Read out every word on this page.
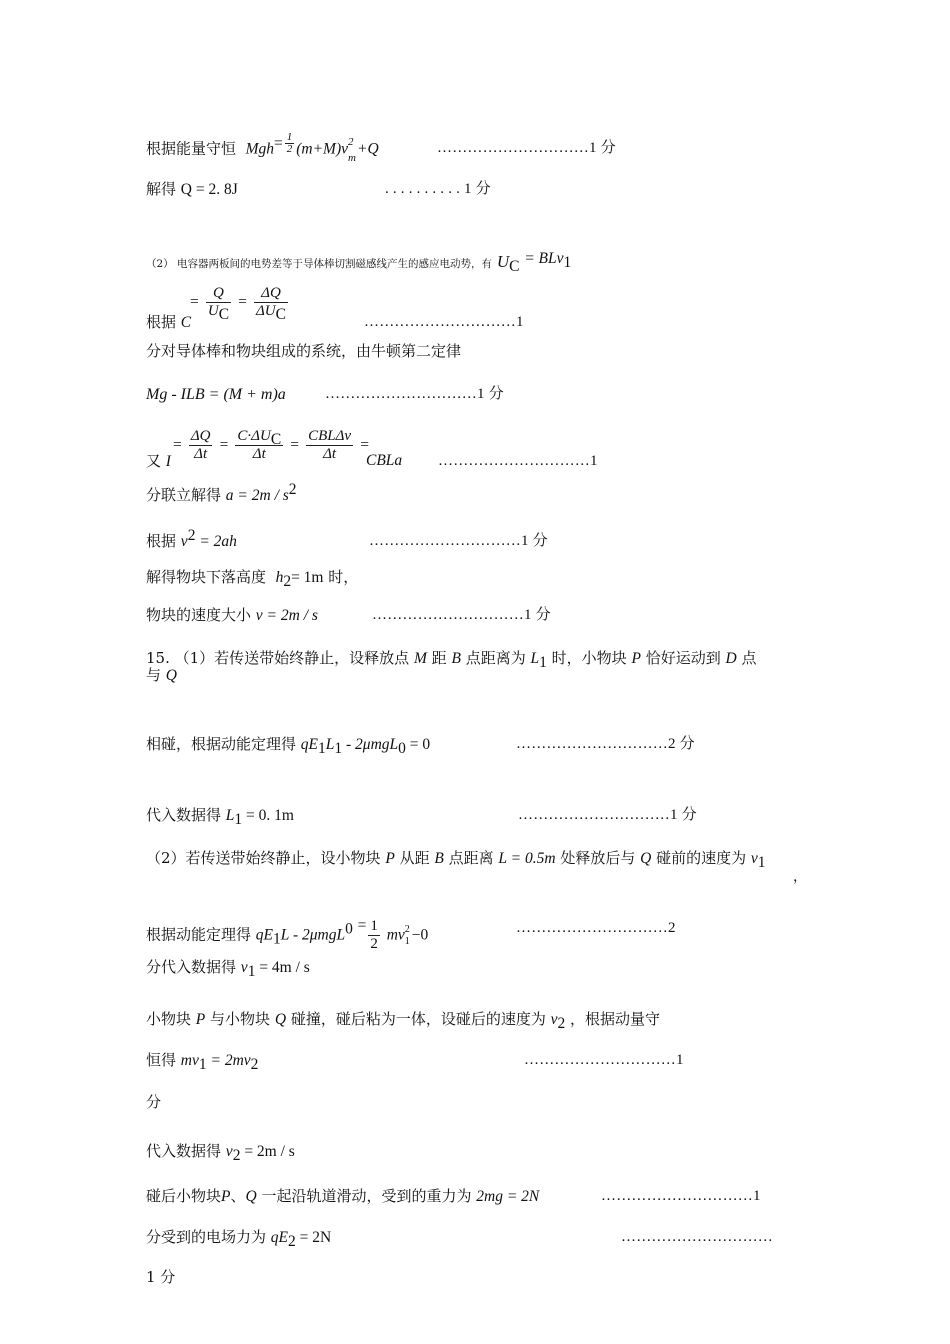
根据能量守恒 $Mgh= \frac{1}{2} (m+M)v$ 2
m +Q	…………………………1 分
解得 Q = 2. 8J	. . . . . . . . . . 1 分
（2） 电容器两板间的电势差等于导体棒切割磁感线产生的感应电动势，有 $U_C = BLv_1$
= $\frac{Q}{U_C} = \frac{\Delta Q}{\Delta U_C}$
根据 C	…………………………1
分对导体棒和物块组成的系统，由牛顿第二定律
Mg - ILB = (M + m)a	…………………………1 分
= $\frac{\Delta Q}{\Delta t} = \frac{C\cdot\Delta U_C}{\Delta t} = \frac{\text{CBLΔv}}{\Delta t}$ =
又 I	CBLa …………………………1
分联立解得 $a = 2m / s^2$
根据 $v^2 = 2ah$	…………………………1 分
解得物块下落高度 $h_2= 1m$ 时，
物块的速度大小 v = 2m / s	…………………………1 分
15. （1）若传送带始终静止，设释放点 M 距 B 点距离为 $L_1$ 时，小物块 P 恰好运动到 D 点
与 Q
相碰，根据动能定理得 $qE_1L_1 - 2\mu mgL_0 = 0$	…………………………2 分
代入数据得 $L_1 = 0$. 1m	…………………………1 分
（2）若传送带始终静止，设小物块 P 从距 B 点距离 L = 0.5m 处释放后与 Q 碰前的速度为 $v_1$
，
根据动能定理得 $qE_1L - 2\mu mgL^0 = \frac{1}{2}$ mv 2
1 −0	…………………………2
分代入数据得 $v_1 = 4m / s$
小物块 P 与小物块 Q 碰撞，碰后粘为一体，设碰后的速度为 $v_2$ ，根据动量守
恒得 $mv_1 = 2mv_2$	…………………………1
分
代入数据得 $v_2 = 2m / s$
碰后小物块P、Q 一起沿轨道滑动，受到的重力为 2mg = 2N	…………………………1
分受到的电场力为 $qE_2 = 2N$	…………………………
1 分
